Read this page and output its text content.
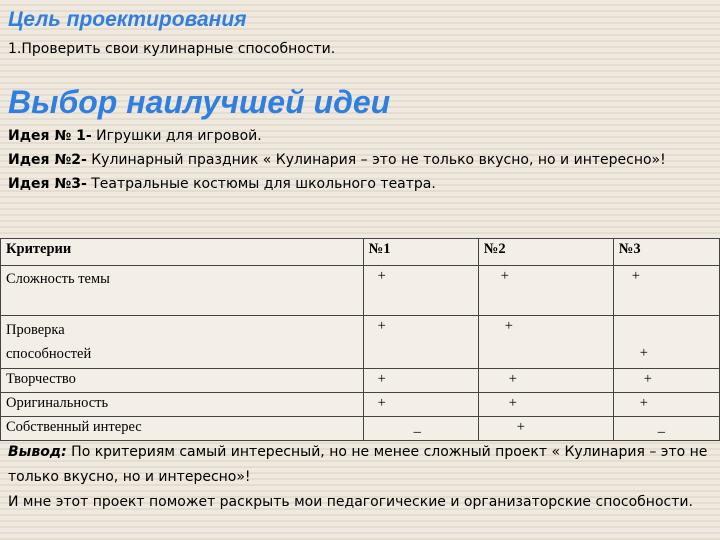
Цель проектирования
1.Проверить свои кулинарные способности.
Выбор наилучшей идеи
Идея № 1- Игрушки для игровой.
Идея №2- Кулинарный праздник « Кулинария – это не только вкусно, но и интересно»!
Идея №3- Театральные костюмы для школьного театра.
Критерии	№1	№2	№3
Сложность темы	+	+	+

Проверка способностей	+	+	+

Творчество	+	+	+

Оригинальность	+	+	+

Собственный интерес	_	+	_
Вывод: По критериям самый интересный, но не менее сложный проект « Кулинария – это не только вкусно, но и интересно»!
И мне этот проект поможет раскрыть мои педагогические и организаторские способности.
